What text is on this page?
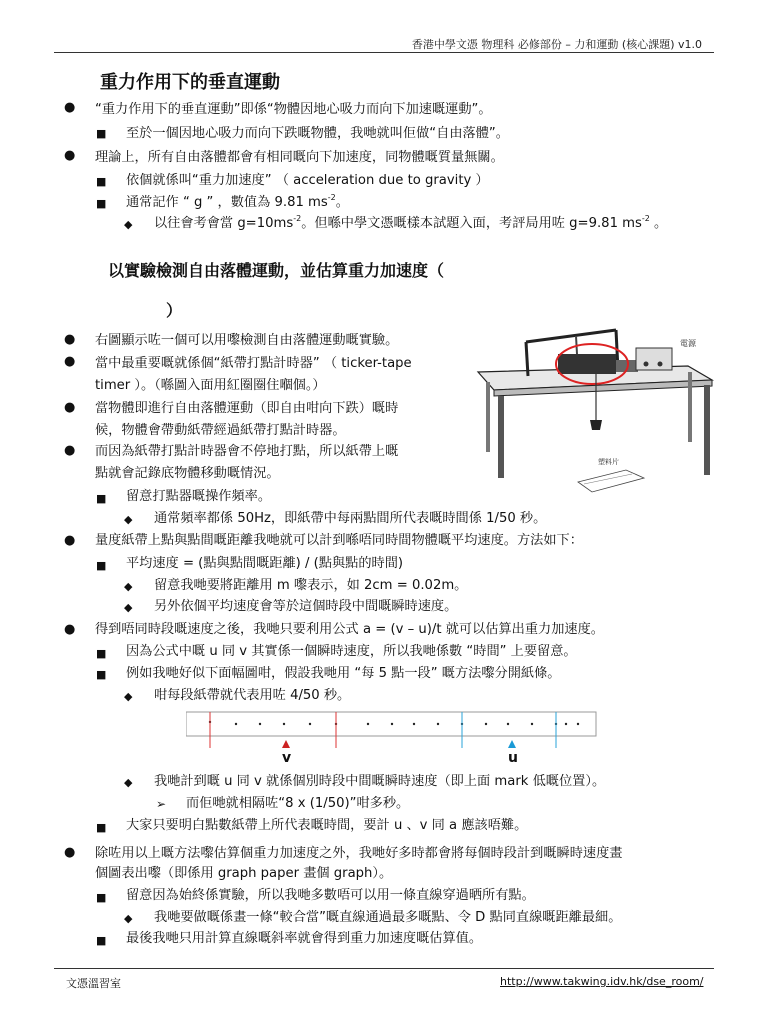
香港中學文憑 物理科 必修部份 – 力和運動 (核心課題) v1.0
重力作用下的垂直運動
● “重力作用下的垂直運動”即係“物體因地心吸力而向下加速嘅運動”。
■ 至於一個因地心吸力而向下跌嘅物體，我哋就叫佢做“自由落體”。
● 理論上，所有自由落體都會有相同嘅向下加速度，同物體嘅質量無關。
■ 依個就係叫“重力加速度” （ acceleration due to gravity ）
■ 通常記作 “ g ” ，數值為 9.81 $ms^{-2}$。
◆ 以往會考會當 $g=10ms^{-2}$。但喺中學文憑嘅樣本試題入面，考評局用咗 g=9.81 $ms^{-2}$ 。
以實驗檢測自由落體運動，並估算重力加速度（
）
電源
塑料片
● 右圖顯示咗一個可以用嚟檢測自由落體運動嘅實驗。
● 當中最重要嘅就係個“紙帶打點計時器” （ ticker-tape
timer ）。（喺圖入面用紅圈圈住嗰個。）
● 當物體即進行自由落體運動（即自由咁向下跌）嘅時
候，物體會帶動紙帶經過紙帶打點計時器。
● 而因為紙帶打點計時器會不停地打點，所以紙帶上嘅
點就會記錄底物體移動嘅情況。
■ 留意打點器嘅操作頻率。
◆ 通常頻率都係 50Hz，即紙帶中每兩點間所代表嘅時間係 1/50 秒。
● 量度紙帶上點與點間嘅距離我哋就可以計到喺唔同時間物體嘅平均速度。方法如下：
■ 平均速度 = (點與點間嘅距離) / (點與點的時間)
◆ 留意我哋要將距離用 m 嚟表示，如 2cm = 0.02m。
◆ 另外依個平均速度會等於這個時段中間嘅瞬時速度。
● 得到唔同時段嘅速度之後，我哋只要利用公式 a = (v – u)/t 就可以估算出重力加速度。
■ 因為公式中嘅 u 同 v 其實係一個瞬時速度，所以我哋係數 “時間” 上要留意。
■ 例如我哋好似下面幅圖咁，假設我哋用 “每 5 點一段” 嘅方法嚟分開紙條。
◆ 咁每段紙帶就代表用咗 4/50 秒。
v	u
◆ 我哋計到嘅 u 同 v 就係個別時段中間嘅瞬時速度（即上面 mark 低嘅位置）。
➢ 而佢哋就相隔咗“8 x (1/50)”咁多秒。
■ 大家只要明白點數紙帶上所代表嘅時間，要計 u 、v 同 a 應該唔難。
● 除咗用以上嘅方法嚟估算個重力加速度之外，我哋好多時都會將每個時段計到嘅瞬時速度畫
個圖表出嚟（即係用 graph paper 畫個 graph）。
■ 留意因為始終係實驗，所以我哋多數唔可以用一條直線穿過晒所有點。
◆ 我哋要做嘅係畫一條“較合當”嘅直線通過最多嘅點、令 D 點同直線嘅距離最細。
■ 最後我哋只用計算直線嘅斜率就會得到重力加速度嘅估算值。
文憑溫習室	http://www.takwing.idv.hk/dse_room/
